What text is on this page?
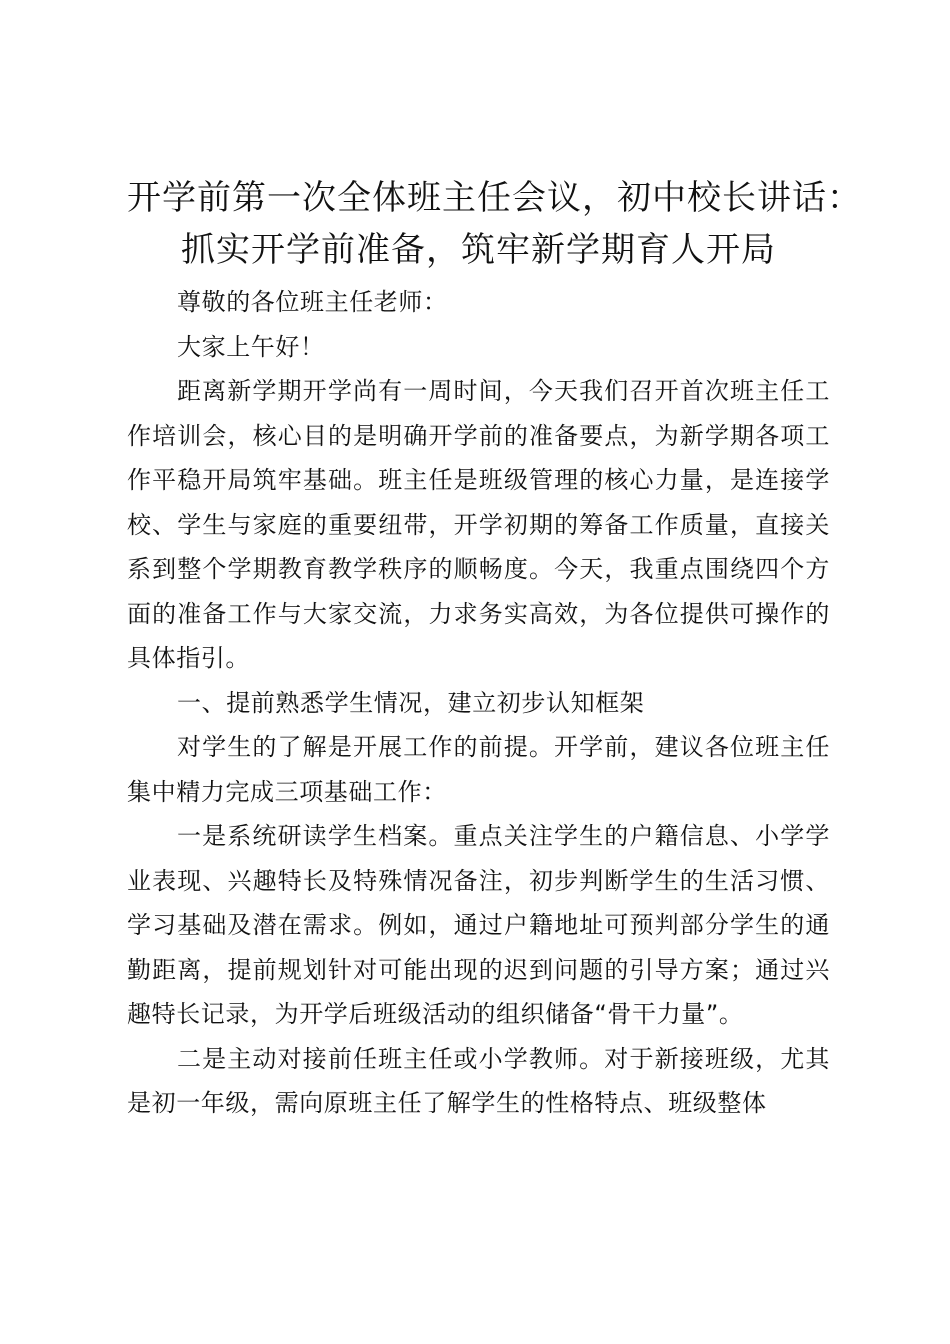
开学前第一次全体班主任会议，初中校长讲话：
抓实开学前准备，筑牢新学期育人开局

尊敬的各位班主任老师：

大家上午好！

距离新学期开学尚有一周时间，今天我们召开首次班主任工作培训会，核心目的是明确开学前的准备要点，为新学期各项工作平稳开局筑牢基础。班主任是班级管理的核心力量，是连接学校、学生与家庭的重要纽带，开学初期的筹备工作质量，直接关系到整个学期教育教学秩序的顺畅度。今天，我重点围绕四个方面的准备工作与大家交流，力求务实高效，为各位提供可操作的具体指引。

一、提前熟悉学生情况，建立初步认知框架

对学生的了解是开展工作的前提。开学前，建议各位班主任集中精力完成三项基础工作：

一是系统研读学生档案。重点关注学生的户籍信息、小学学业表现、兴趣特长及特殊情况备注，初步判断学生的生活习惯、学习基础及潜在需求。例如，通过户籍地址可预判部分学生的通勤距离，提前规划针对可能出现的迟到问题的引导方案；通过兴趣特长记录，为开学后班级活动的组织储备“骨干力量”。

二是主动对接前任班主任或小学教师。对于新接班级，尤其是初一年级，需向原班主任了解学生的性格特点、班级整体
